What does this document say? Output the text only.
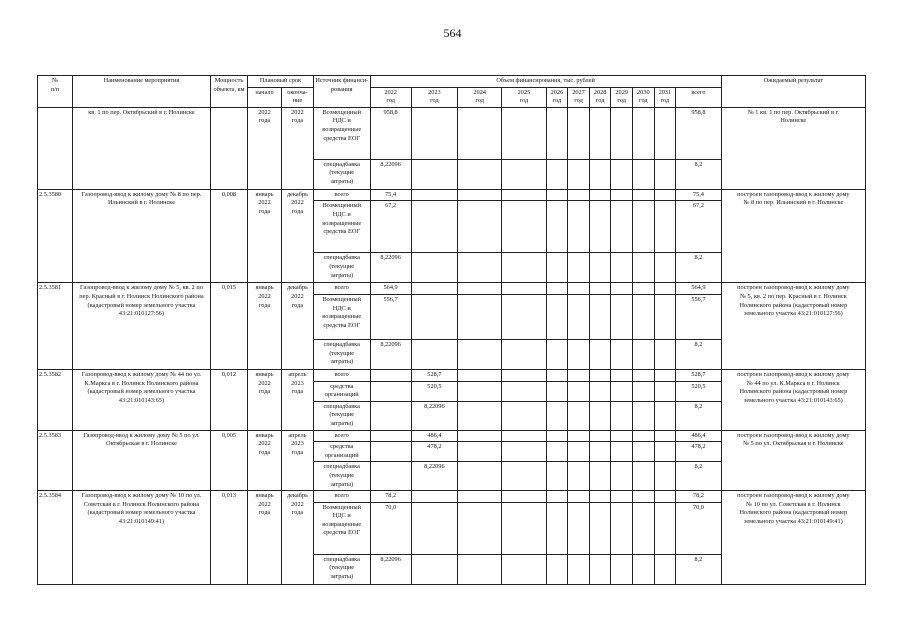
564
№
п/п	Наименование мероприятия	Мощность объекта, км	Плановый срок		Источник финанси-
рования	Объем финансирования, тыс. рублей											Ожидаемый результат
			начало	оконча-
ние		2022
год	2023
год	2024
год	2025
год	2026
год	2027
год	2028
год	2029
год	2030
год	2031
год	всего	
	кв. 1 по пер. Октябрьский в г. Нолинске		2022
года	2022
года	Возмещенный
НДС и
возвращенные
средства ЕОГ	958,8										958,8	№ 1 кв. 1 по пер. Октябрьский в г.
Нолинске
					спецнадбавка
(текущие
затраты)	8,22096										8,2	
2.5.3580	Газопровод-ввод к жилому дому № 8 по пер. Ильинский в г. Нолинске	0,008	январь
2022
года	декабрь
2022
года	всего	75,4										75,4	построен газопровод-ввод к жилому дому
№ 8 по пер. Ильинский в г. Нолинске
					Возмещенный
НДС и
возвращенные
средства ЕОГ	67,2										67,2	
					спецнадбавка
(текущие
затраты)	8,22096										8,2	
2.5.3581	Газопровод-ввод к жилому дому № 5, кв. 2 по пер. Красный в г. Нолинск Нолинского района (кадастровый номер земельного участка 43:21:010127:56)	0,015	январь
2022
года	декабрь
2022
года	всего	564,9										564,9	построен газопровод-ввод к жилому дому
№ 5, кв. 2 по пер. Красный в г. Нолинск
Нолинского района (кадастровый номер
земельного участка 43:21:010127:56)
					Возмещенный
НДС и
возвращенные
средства ЕОГ	556,7										556,7	
					спецнадбавка
(текущие
затраты)	8,22096										8,2	
2.5.3582	Газопровод-ввод к жилому дому № 44 по ул. К.Маркса в г. Нолинск Нолинского района (кадастровый номер земельного участка 43:21:010143:65)	0,012	январь
2022
года	апрель
2023
года	всего		528,7									528,7	построен газопровод-ввод к жилому дому
№ 44 по ул. К.Маркса в г. Нолинск
Нолинского района (кадастровый номер
земельного участка 43:21:010143:65)
					средства
организаций		520,5									520,5	
					спецнадбавка
(текущие
затраты)		8,22096									8,2	
2.5.3583	Газопровод-ввод к жилому дому № 5 по ул. Октябрьская в г. Нолинске	0,005	январь
2022
года	апрель
2023
года	всего		486,4									486,4	построен газопровод-ввод к жилому дому
№ 5 по ул. Октябрьская в г. Нолинске
					средства
организаций		478,2									478,2	
					спецнадбавка
(текущие
затраты)		8,22096									8,2	
2.5.3584	Газопровод-ввод к жилому дому № 10 по ул. Советская в г. Нолинск Нолинского района (кадастровый номер земельного участка 43:21:010149:41)	0,013	январь
2022
года	декабрь
2022
года	всего	78,2										78,2	построен газопровод-ввод к жилому дому
№ 10 по ул. Советская в г. Нолинск
Нолинского района (кадастровый номер
земельного участка 43:21:010149:41)
					Возмещенный
НДС и
возвращенные
средства ЕОГ	70,0										70,0	
					спецнадбавка
(текущие
затраты)	8,22096										8,2	
